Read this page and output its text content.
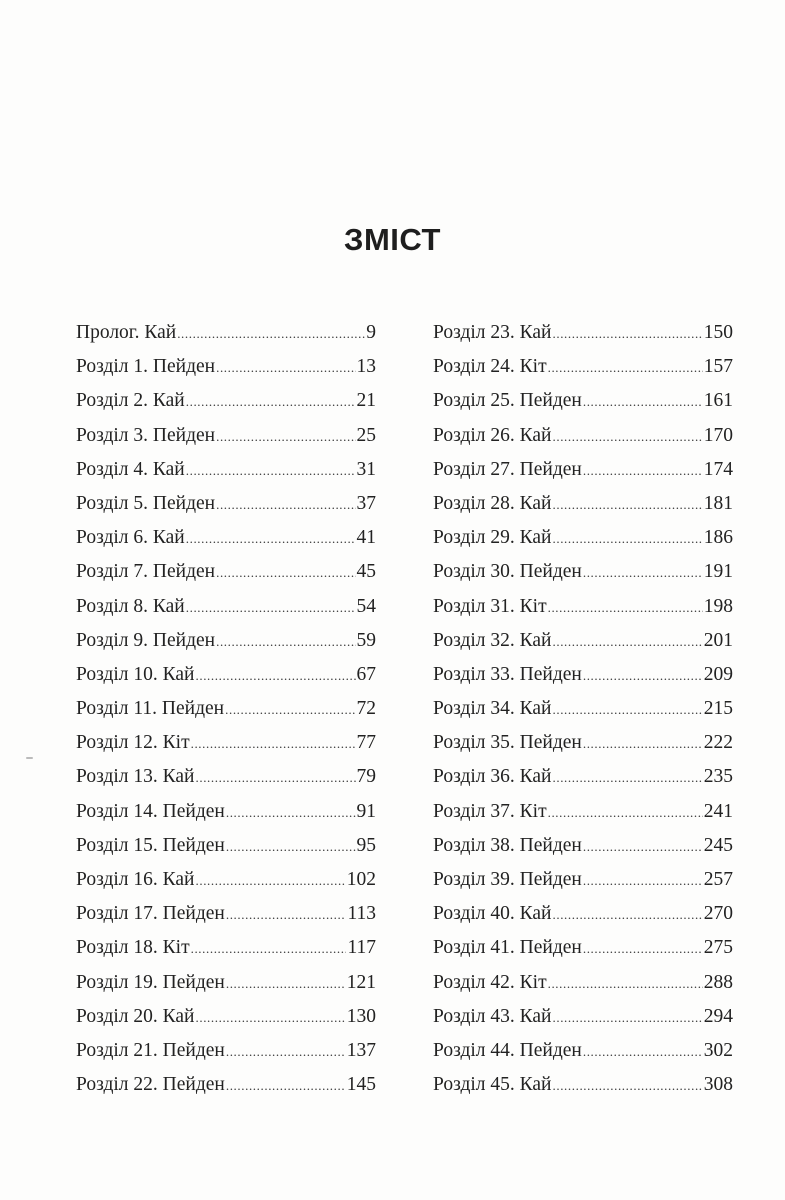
ЗМІСТ
Пролог. Кай .....	9
Розділ 1. Пейден .....	13
Розділ 2. Кай .....	21
Розділ 3. Пейден .....	25
Розділ 4. Кай .....	31
Розділ 5. Пейден .....	37
Розділ 6. Кай .....	41
Розділ 7. Пейден .....	45
Розділ 8. Кай .....	54
Розділ 9. Пейден .....	59
Розділ 10. Кай .....	67
Розділ 11. Пейден .....	72
Розділ 12. Кіт .....	77
Розділ 13. Кай .....	79
Розділ 14. Пейден .....	91
Розділ 15. Пейден .....	95
Розділ 16. Кай .....	102
Розділ 17. Пейден .....	113
Розділ 18. Кіт .....	117
Розділ 19. Пейден .....	121
Розділ 20. Кай .....	130
Розділ 21. Пейден .....	137
Розділ 22. Пейден .....	145
Розділ 23. Кай .....	150
Розділ 24. Кіт .....	157
Розділ 25. Пейден .....	161
Розділ 26. Кай .....	170
Розділ 27. Пейден .....	174
Розділ 28. Кай .....	181
Розділ 29. Кай .....	186
Розділ 30. Пейден .....	191
Розділ 31. Кіт .....	198
Розділ 32. Кай .....	201
Розділ 33. Пейден .....	209
Розділ 34. Кай .....	215
Розділ 35. Пейден .....	222
Розділ 36. Кай .....	235
Розділ 37. Кіт .....	241
Розділ 38. Пейден .....	245
Розділ 39. Пейден .....	257
Розділ 40. Кай .....	270
Розділ 41. Пейден .....	275
Розділ 42. Кіт .....	288
Розділ 43. Кай .....	294
Розділ 44. Пейден .....	302
Розділ 45. Кай .....	308
